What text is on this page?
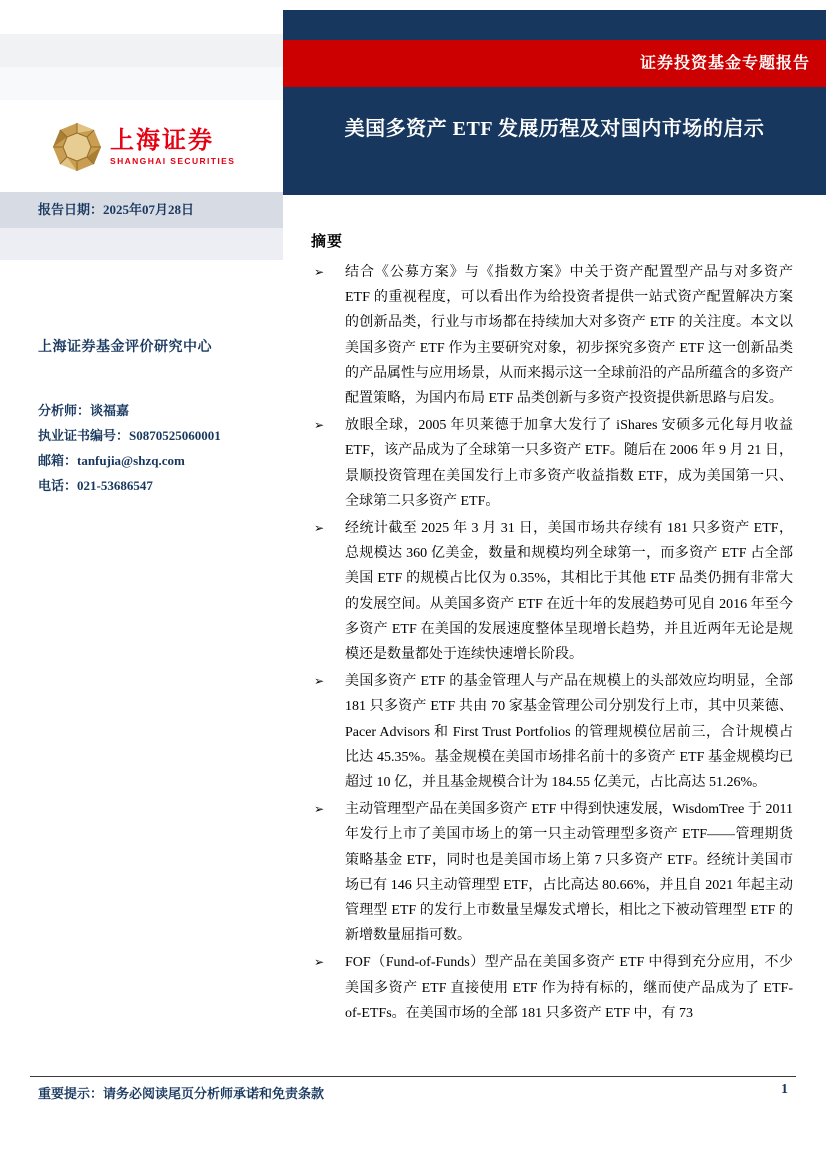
证券投资基金专题报告
美国多资产 ETF 发展历程及对国内市场的启示
上海证券
SHANGHAI SECURITIES
报告日期：2025年07月28日
上海证券基金评价研究中心
分析师：谈福嘉
执业证书编号：S0870525060001
邮箱：tanfujia@shzq.com
电话：021-53686547
摘要
➢	结合《公募方案》与《指数方案》中关于资产配置型产品与对多资产 ETF 的重视程度，可以看出作为给投资者提供一站式资产配置解决方案的创新品类，行业与市场都在持续加大对多资产 ETF 的关注度。本文以美国多资产 ETF 作为主要研究对象，初步探究多资产 ETF 这一创新品类的产品属性与应用场景，从而来揭示这一全球前沿的产品所蕴含的多资产配置策略，为国内布局 ETF 品类创新与多资产投资提供新思路与启发。

➢	放眼全球，2005 年贝莱德于加拿大发行了 iShares 安硕多元化每月收益 ETF，该产品成为了全球第一只多资产 ETF。随后在 2006 年 9 月 21 日，景顺投资管理在美国发行上市多资产收益指数 ETF，成为美国第一只、全球第二只多资产 ETF。

➢	经统计截至 2025 年 3 月 31 日，美国市场共存续有 181 只多资产 ETF，总规模达 360 亿美金，数量和规模均列全球第一，而多资产 ETF 占全部美国 ETF 的规模占比仅为 0.35%，其相比于其他 ETF 品类仍拥有非常大的发展空间。从美国多资产 ETF 在近十年的发展趋势可见自 2016 年至今多资产 ETF 在美国的发展速度整体呈现增长趋势，并且近两年无论是规模还是数量都处于连续快速增长阶段。

➢	美国多资产 ETF 的基金管理人与产品在规模上的头部效应均明显，全部 181 只多资产 ETF 共由 70 家基金管理公司分别发行上市，其中贝莱德、Pacer Advisors 和 First Trust Portfolios 的管理规模位居前三，合计规模占比达 45.35%。基金规模在美国市场排名前十的多资产 ETF 基金规模均已超过 10 亿，并且基金规模合计为 184.55 亿美元，占比高达 51.26%。

➢	主动管理型产品在美国多资产 ETF 中得到快速发展，WisdomTree 于 2011 年发行上市了美国市场上的第一只主动管理型多资产 ETF——管理期货策略基金 ETF，同时也是美国市场上第 7 只多资产 ETF。经统计美国市场已有 146 只主动管理型 ETF，占比高达 80.66%，并且自 2021 年起主动管理型 ETF 的发行上市数量呈爆发式增长，相比之下被动管理型 ETF 的新增数量屈指可数。

➢	FOF（Fund-of-Funds）型产品在美国多资产 ETF 中得到充分应用，不少美国多资产 ETF 直接使用 ETF 作为持有标的，继而使产品成为了 ETF-of-ETFs。在美国市场的全部 181 只多资产 ETF 中，有 73

重要提示：请务必阅读尾页分析师承诺和免责条款	1
